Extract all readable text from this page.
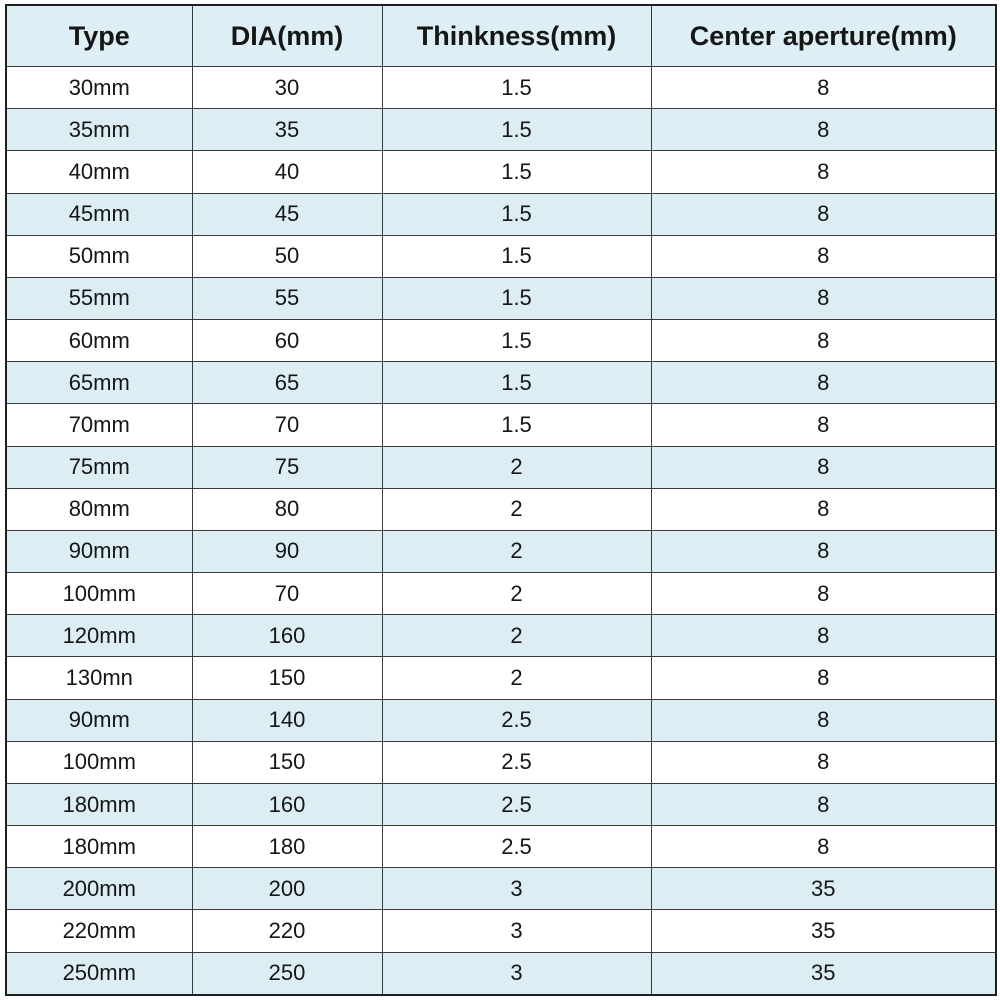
Type	DIA(mm)	Thinkness(mm)	Center aperture(mm)
30mm	30	1.5	8
35mm	35	1.5	8
40mm	40	1.5	8
45mm	45	1.5	8
50mm	50	1.5	8
55mm	55	1.5	8
60mm	60	1.5	8
65mm	65	1.5	8
70mm	70	1.5	8
75mm	75	2	8
80mm	80	2	8
90mm	90	2	8
100mm	70	2	8
120mm	160	2	8
130mn	150	2	8
90mm	140	2.5	8
100mm	150	2.5	8
180mm	160	2.5	8
180mm	180	2.5	8
200mm	200	3	35
220mm	220	3	35
250mm	250	3	35
